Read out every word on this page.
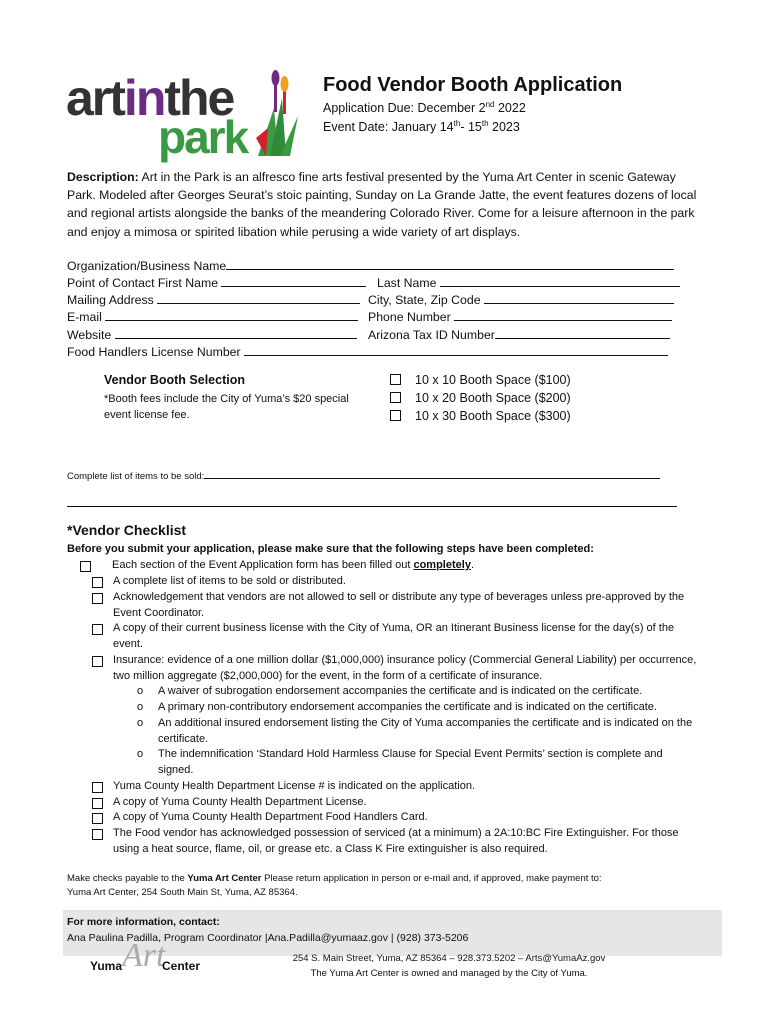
artinthe
park
Food Vendor Booth Application
Application Due: December 2nd 2022
Event Date: January 14th- 15th 2023
Description: Art in the Park is an alfresco fine arts festival presented by the Yuma Art Center in scenic Gateway Park. Modeled after Georges Seurat’s stoic painting, Sunday on La Grande Jatte, the event features dozens of local and regional artists alongside the banks of the meandering Colorado River. Come for a leisure afternoon in the park and enjoy a mimosa or spirited libation while perusing a wide variety of art displays.
Organization/Business Name
Point of Contact First Name	Last Name
Mailing Address	City, State, Zip Code
E-mail	Phone Number
Website	Arizona Tax ID Number
Food Handlers License Number
Vendor Booth Selection
*Booth fees include the City of Yuma’s $20 special event license fee.
10 x 10 Booth Space ($100)
10 x 20 Booth Space ($200)
10 x 30 Booth Space ($300)
Complete list of items to be sold:
*Vendor Checklist
Before you submit your application, please make sure that the following steps have been completed:
Each section of the Event Application form has been filled out completely.
A complete list of items to be sold or distributed.
Acknowledgement that vendors are not allowed to sell or distribute any type of beverages unless pre-approved by the Event Coordinator.
A copy of their current business license with the City of Yuma, OR an Itinerant Business license for the day(s) of the event.
Insurance: evidence of a one million dollar ($1,000,000) insurance policy (Commercial General Liability) per occurrence, two million aggregate ($2,000,000) for the event, in the form of a certificate of insurance.
o	A waiver of subrogation endorsement accompanies the certificate and is indicated on the certificate.
o	A primary non-contributory endorsement accompanies the certificate and is indicated on the certificate.
o	An additional insured endorsement listing the City of Yuma accompanies the certificate and is indicated on the certificate.
o	The indemnification ‘Standard Hold Harmless Clause for Special Event Permits’ section is complete and signed.
Yuma County Health Department License # is indicated on the application.
A copy of Yuma County Health Department License.
A copy of Yuma County Health Department Food Handlers Card.
The Food vendor has acknowledged possession of serviced (at a minimum) a 2A:10:BC Fire Extinguisher. For those using a heat source, flame, oil, or grease etc. a Class K Fire extinguisher is also required.
Make checks payable to the Yuma Art Center Please return application in person or e-mail and, if approved, make payment to:
Yuma Art Center, 254 South Main St, Yuma, AZ 85364.
For more information, contact:
Ana Paulina Padilla, Program Coordinator |Ana.Padilla@yumaaz.gov | (928) 373-5206
Art
Yuma	Center
254 S. Main Street, Yuma, AZ 85364 – 928.373.5202 – Arts@YumaAz.gov
The Yuma Art Center is owned and managed by the City of Yuma.
